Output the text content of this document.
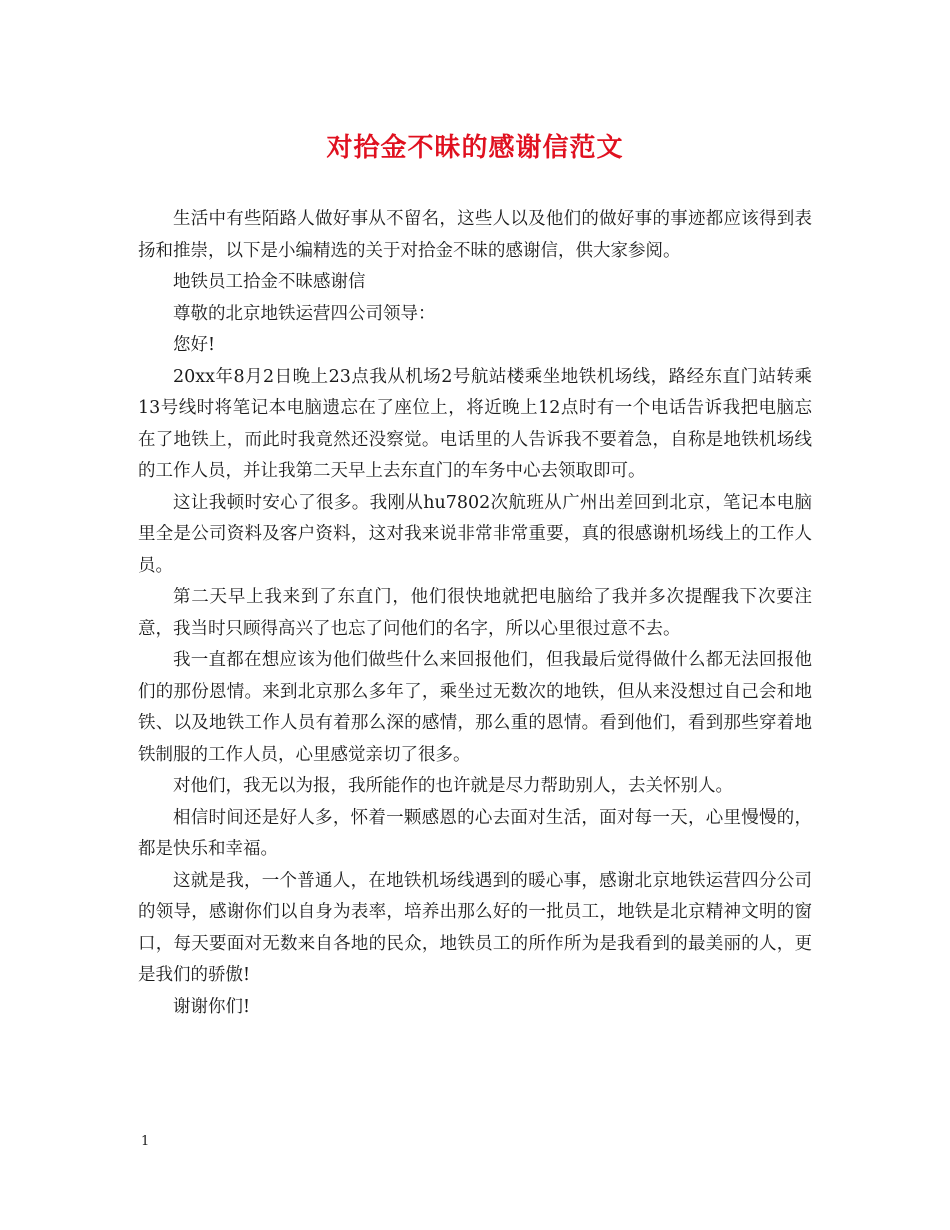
对拾金不昧的感谢信范文

生活中有些陌路人做好事从不留名，这些人以及他们的做好事的事迹都应该得到表扬和推崇，以下是小编精选的关于对拾金不昧的感谢信，供大家参阅。

地铁员工拾金不昧感谢信

尊敬的北京地铁运营四公司领导：

您好!

20xx年8月2日晚上23点我从机场2号航站楼乘坐地铁机场线，路经东直门站转乘13号线时将笔记本电脑遗忘在了座位上，将近晚上12点时有一个电话告诉我把电脑忘在了地铁上，而此时我竟然还没察觉。电话里的人告诉我不要着急，自称是地铁机场线的工作人员，并让我第二天早上去东直门的车务中心去领取即可。

这让我顿时安心了很多。我刚从hu7802次航班从广州出差回到北京，笔记本电脑里全是公司资料及客户资料，这对我来说非常非常重要，真的很感谢机场线上的工作人员。

第二天早上我来到了东直门，他们很快地就把电脑给了我并多次提醒我下次要注意，我当时只顾得高兴了也忘了问他们的名字，所以心里很过意不去。

我一直都在想应该为他们做些什么来回报他们，但我最后觉得做什么都无法回报他们的那份恩情。来到北京那么多年了，乘坐过无数次的地铁，但从来没想过自己会和地铁、以及地铁工作人员有着那么深的感情，那么重的恩情。看到他们，看到那些穿着地铁制服的工作人员，心里感觉亲切了很多。

对他们，我无以为报，我所能作的也许就是尽力帮助别人，去关怀别人。

相信时间还是好人多，怀着一颗感恩的心去面对生活，面对每一天，心里慢慢的，都是快乐和幸福。

这就是我，一个普通人，在地铁机场线遇到的暖心事，感谢北京地铁运营四分公司的领导，感谢你们以自身为表率，培养出那么好的一批员工，地铁是北京精神文明的窗口，每天要面对无数来自各地的民众，地铁员工的所作所为是我看到的最美丽的人，更是我们的骄傲!

谢谢你们!

1
